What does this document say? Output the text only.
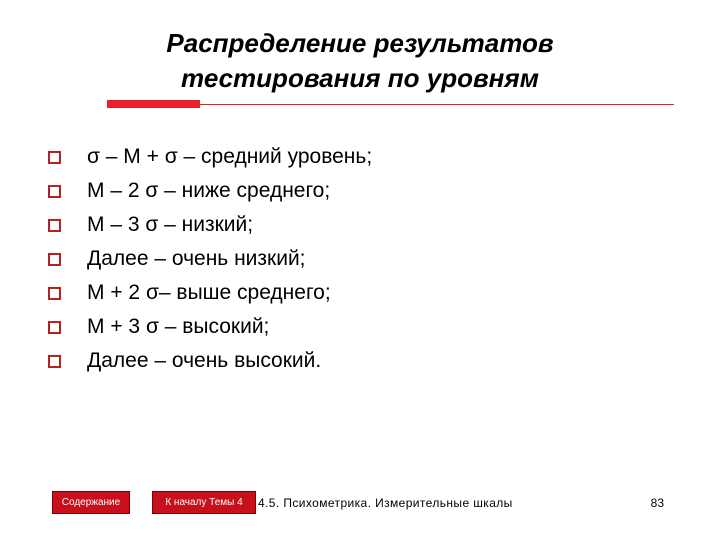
Распределение результатов
тестирования по уровням
σ – М + σ – средний уровень;
М – 2 σ – ниже среднего;
М – 3 σ – низкий;
Далее – очень низкий;
М + 2 σ– выше среднего;
М + 3 σ – высокий;
Далее – очень высокий.
Содержание	К началу Темы 4	4.5. Психометрика. Измерительные шкалы	83
